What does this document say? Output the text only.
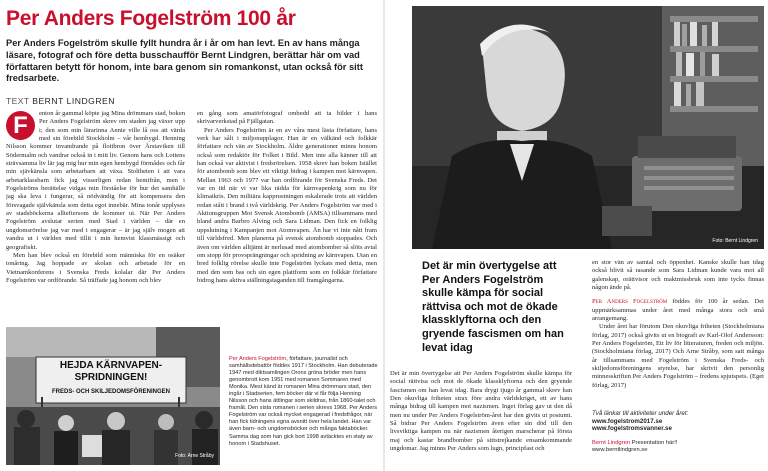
Per Anders Fogelström 100 år
Per Anders Fogelström skulle fyllt hundra år i år om han levt. En av hans många läsare, fotograf och före detta busschaufför Bernt Lindgren, berättar här om vad författaren betytt för honom, inte bara genom sin romankonst, utan också för sitt fredsarbete.
TEXT BERNT LINDGREN

F	enton år gammal köpte jag Mina drömmars stad, boken Per Anders Fogelström skrev om staden jag växer upp i; den som min lärarinna Annie ville lå oss att värda med sin förebild Stockholm – vår hembygd. Henning Nilsson kommer invandrande på flottbron över Årstaviken till Södermalm och vandrar också in i mitt liv. Genom hans och Lottens strävsamma liv lär jag mig hur min egen hembygd förmådes och får min sjävkänsla som arbetarbarn att växa. Stoltheten i att vara arbetarklassbarn fick jag visserligen redan hemifrån, men i Fogelströms berättelse vidgas min förståelse för hur det samhälle jag ska leva i fungerar, så nödvändig för att kompensera den försvagade självkänsla som detta egot innebär. Mina tonår upplyses av stadsböckerna allteftersom de kommer ut. När Per Anders Fogelström avslutar serien med Stad i världen – där en ungdomsrörelse jag var med i engagerar – är jag själv mogen att vandra ut i världen med tillit i min hemvist klassmässigt och geografiskt.

Men han blev också en förebild som människa för en osäker tonåring. Jag hoppade av skolan och arbetade för en Vietnamkonferens i Svenska Freds kolalar där Per Anders Fogelström var ordförande. Så träffade jag honom och blev

en gång som amatörfotograf ombedd att ta bilder i hans skrivarverkstad på Fjällgatan.

Per Anders Fogelström är en av våra mest lästa författare, hans verk har sålt i miljonupplagor. Han är en välkänd och folkkär författare och vän av Stockholm. Äldre generationer minns honom också som redaktör för Folket i Bild. Men inte alla känner till att han också var aktivist i fredsrörelsen. 1958 skrev han boken Istället för atombomb som blev ett viktigt bidrag i kampen mot kärnvapen. Mellan 1963 och 1977 var han ordförande för Svenska Freds. Det var en tid när vi var lika rädda för kärnvapenkrig som nu för klimatkris. Den militära kapprustningen eskalerade trots att världen redan stått i brand i två världskrig. Per Anders Fogelström var med i Aktionsgruppen Mot Svensk Atombomb (AMSA) tillsammans med bland andra Barbro Alving och Sara Lidman. Den fick en folklig uppslutning i Kampanjen mot Atomvapen. Än har vi inte nått fram till världsfred. Men planerna på svensk atombomb stoppades. Och även om världen alltjämt är nerlusad med atombomber så slöts avtal om stopp för provsprängningar och spridning av kärnvapen. Utan en bred folklig rörelse skulle inte Fogelström lyckats med detta, men med den som bas och sin egen plattform som en folkkär författare bidrog hans aktiva ställningstaganden till framgångarna.

HEJDA KÄRNVAPEN-
SPRIDNINGEN!
FREDS- OCH SKILJEDOMSFÖRENINGEN
Foto: Arne Stråby
Per Anders Fogelström, författare, journalist och samhällsdebattör föddes 1917 i Stockholm. Han debuterade 1947 med diktsamlingen Orons gröna bröder men hans genombrott kom 1951 med romanen Sommaren med Monika. Mest känd är romanen Mina drömmars stad, den ingår i Stadserien, fem böcker där vi får följa Henning Nilsson och hans ättlingar som skildras, från 1860-talet och framåt. Den sista romanen i serien skrevs 1968. Per Anders Fogelström var också mycket engagerad i fredsfrågor, när han fick tidningens egna avsnitt över hela landet. Han var även barn- och ungdomsböcker och många faktaböcker. Samma dag som han gick bort 1998 avtäcktes en staty av honom i Stadshuset.
Foto: Bernt Lindgren
Det är min övertygelse att Per Anders Fogelström skulle kämpa för social rättvisa och mot de ökade klassklyftorna och den gryende fascismen om han levat idag

Det är min övertygelse att Per Anders Fogelström skulle kämpa för social rättvisa och mot de ökade klassklyftorna och den gryende fascismen om han levat idag. Bara drygt tjugo år gammal skrev han Den okuvliga friheten strax före andra världskriget, ett av hans många bidrag till kampen mot nazismen. Inget förlag gav ut den då men nu under Per Anders Fogelström-året har den givits ut postumt. Så bidrar Per Anders Fogelström även efter sin död till den livsviktiga kampen nu när nazismen återigen marscherar på första maj och kastar brandbomber på sittstrejkande ensamkommande ungdomar. Jag minns Per Anders som lugn, principfast och

en stor vän av samtal och öppenhet. Kanske skulle han idag också blivit så rasande som Sara Lidman kunde vara mot all galenskap, orättvisor och maktmissbruk som inte tycks finnas någon ände på.

Per Anders Fogelström föddes för 100 år sedan. Det uppmärksammas under året med många stora och små arrangemang.

Under året har förutom Den okuvliga friheten (Stockholmiana förlag, 2017) också givits ut en biografi av Karl-Olof Andersson: Per Anders Fogelström, Ett liv för litteraturen, freden och miljön. (Stockholmiana förlag, 2017) Och Arne Stråby, som satt många år tillsammans med Fogelström i Svenska Freds- och skiljedomsföreningens styrelse, har skrivit den personlig minnesskriften Per Anders Fogelström – fredens spjutspets. (Eget förlag, 2017)

Två länkar till aktiviteter under året:
www.fogelstrom2017.se
www.fogelstromsvanner.se
Bernt Lindgren Presentation här!!
www.berntlindgren.se
